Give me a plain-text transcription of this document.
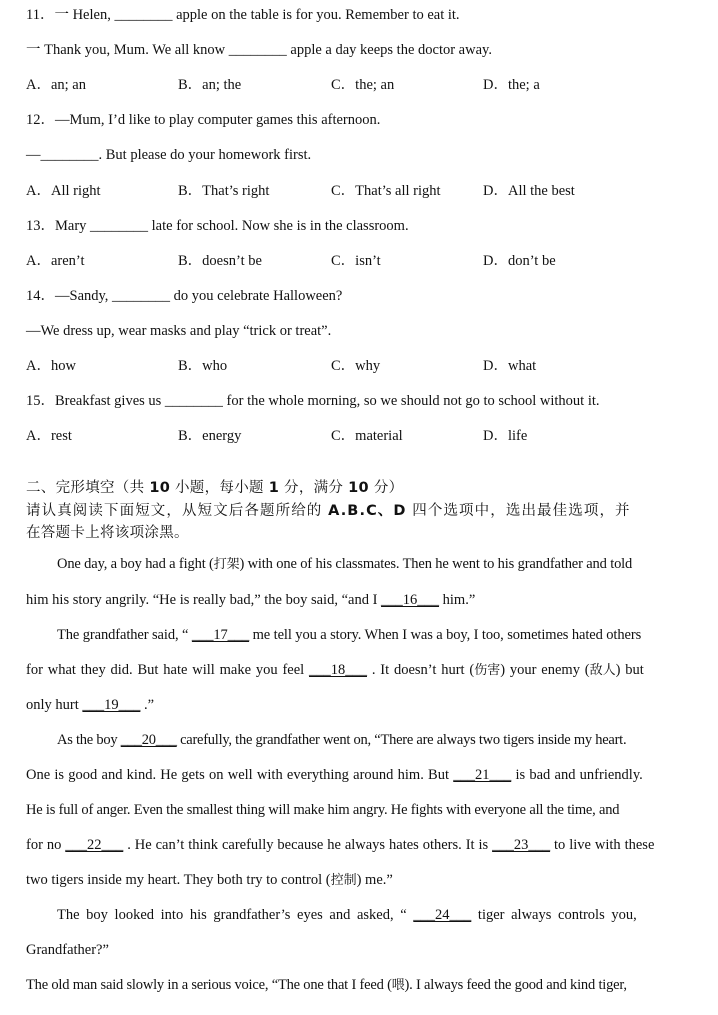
11．一 Helen, ________ apple on the table is for you. Remember to eat it.
一 Thank you, Mum. We all know ________ apple a day keeps the doctor away.
A．an; an	B．an; the	C．the; an	D．the; a
12．—Mum, I’d like to play computer games this afternoon.
—________. But please do your homework first.
A．All right	B．That’s right	C．That’s all right	D．All the best
13．Mary ________ late for school. Now she is in the classroom.
A．aren’t	B．doesn’t be	C．isn’t	D．don’t be
14．—Sandy, ________ do you celebrate Halloween?
—We dress up, wear masks and play “trick or treat”.
A．how	B．who	C．why	D．what
15．Breakfast gives us ________ for the whole morning, so we should not go to school without it.
A．rest	B．energy	C．material	D．life
二、完形填空（共 10 小题，每小题 1 分，满分 10 分）
请认真阅读下面短文，从短文后各题所给的 A.B.C、D 四个选项中，选出最佳选项，并
在答题卡上将该项涂黑。
One day, a boy had a fight (打架) with one of his classmates. Then he went to his grandfather and told
him his story angrily. “He is really bad,” the boy said, “and I ___16___ him.”
The grandfather said, “ ___17___ me tell you a story. When I was a boy, I too, sometimes hated others
for what they did. But hate will make you feel ___18___ . It doesn’t hurt (伤害) your enemy (敌人) but
only hurt ___19___ .”
As the boy ___20___ carefully, the grandfather went on, “There are always two tigers inside my heart.
One is good and kind. He gets on well with everything around him. But ___21___ is bad and unfriendly.
He is full of anger. Even the smallest thing will make him angry. He fights with everyone all the time, and
for no ___22___ . He can’t think carefully because he always hates others. It is ___23___ to live with these
two tigers inside my heart. They both try to control (控制) me.”
The boy looked into his grandfather’s eyes and asked, “ ___24___ tiger always controls you,
Grandfather?”
The old man said slowly in a serious voice, “The one that I feed (喂). I always feed the good and kind tiger,
